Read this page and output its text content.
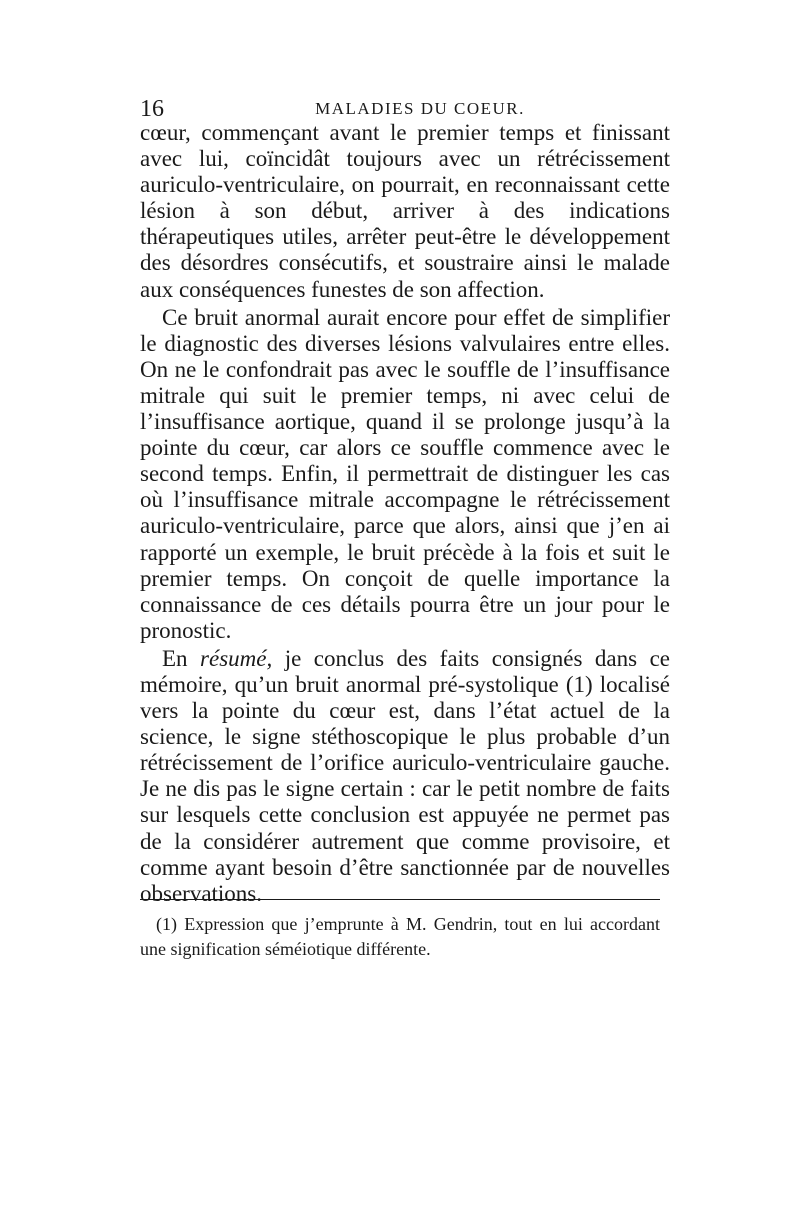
16	MALADIES DU COEUR.

cœur, commençant avant le premier temps et finissant avec lui, coïncidât toujours avec un rétrécissement auriculo-ventriculaire, on pourrait, en reconnaissant cette lésion à son début, arriver à des indications thérapeutiques utiles, arrêter peut-être le développement des désordres consécutifs, et soustraire ainsi le malade aux conséquences funestes de son affection.

Ce bruit anormal aurait encore pour effet de simplifier le diagnostic des diverses lésions valvulaires entre elles. On ne le confondrait pas avec le souffle de l’insuffisance mitrale qui suit le premier temps, ni avec celui de l’insuffisance aortique, quand il se prolonge jusqu’à la pointe du cœur, car alors ce souffle commence avec le second temps. Enfin, il permettrait de distinguer les cas où l’insuffisance mitrale accompagne le rétrécissement auriculo-ventriculaire, parce que alors, ainsi que j’en ai rapporté un exemple, le bruit précède à la fois et suit le premier temps. On conçoit de quelle importance la connaissance de ces détails pourra être un jour pour le pronostic.

En résumé, je conclus des faits consignés dans ce mémoire, qu’un bruit anormal pré-systolique (1) localisé vers la pointe du cœur est, dans l’état actuel de la science, le signe stéthoscopique le plus probable d’un rétrécissement de l’orifice auriculo-ventriculaire gauche. Je ne dis pas le signe certain : car le petit nombre de faits sur lesquels cette conclusion est appuyée ne permet pas de la considérer autrement que comme provisoire, et comme ayant besoin d’être sanctionnée par de nouvelles observations.

(1) Expression que j’emprunte à M. Gendrin, tout en lui accordant une signification séméiotique différente.
